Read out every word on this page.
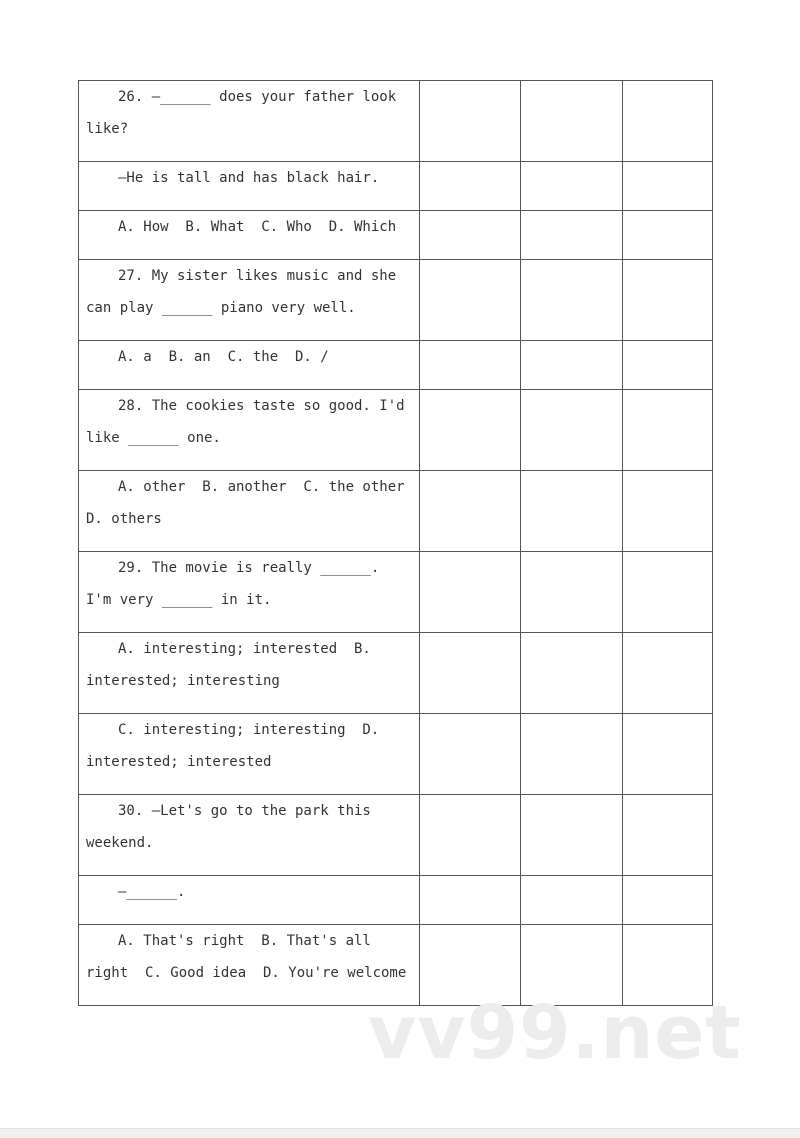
26. —______ does your father look like?			

—He is tall and has black hair.			

A. How  B. What  C. Who  D. Which			

27. My sister likes music and she can play ______ piano very well.			

A. a  B. an  C. the  D. /			

28. The cookies taste so good. I'd like ______ one.			

A. other  B. another  C. the other D. others			

29. The movie is really ______. I'm very ______ in it.			

A. interesting; interested  B. interested; interesting			

C. interesting; interesting  D. interested; interested			

30. —Let's go to the park this weekend.			

—______.			

A. That's right  B. That's all right  C. Good idea  D. You're welcome			

vv99.net
